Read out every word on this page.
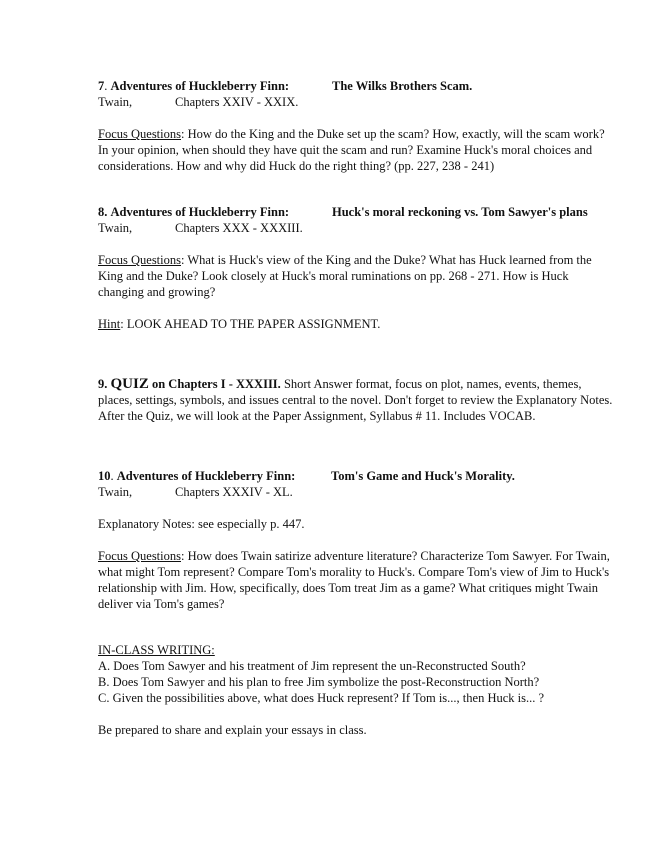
7. Adventures of Huckleberry Finn:	The Wilks Brothers Scam.
Twain,	Chapters XXIV - XXIX.

Focus Questions: How do the King and the Duke set up the scam? How, exactly, will the scam work? In your opinion, when should they have quit the scam and run? Examine Huck's moral choices and considerations. How and why did Huck do the right thing? (pp. 227, 238 - 241)

8. Adventures of Huckleberry Finn:	Huck's moral reckoning vs. Tom Sawyer's plans
Twain,	Chapters XXX - XXXIII.

Focus Questions: What is Huck's view of the King and the Duke? What has Huck learned from the King and the Duke? Look closely at Huck's moral ruminations on pp. 268 - 271. How is Huck changing and growing?

Hint: LOOK AHEAD TO THE PAPER ASSIGNMENT.

9. QUIZ on Chapters I - XXXIII. Short Answer format, focus on plot, names, events, themes, places, settings, symbols, and issues central to the novel. Don't forget to review the Explanatory Notes. After the Quiz, we will look at the Paper Assignment, Syllabus # 11. Includes VOCAB.

10. Adventures of Huckleberry Finn:	Tom's Game and Huck's Morality.
Twain,	Chapters XXXIV - XL.

Explanatory Notes: see especially p. 447.

Focus Questions: How does Twain satirize adventure literature? Characterize Tom Sawyer. For Twain, what might Tom represent? Compare Tom's morality to Huck's. Compare Tom's view of Jim to Huck's relationship with Jim. How, specifically, does Tom treat Jim as a game? What critiques might Twain deliver via Tom's games?

IN-CLASS WRITING:

A. Does Tom Sawyer and his treatment of Jim represent the un-Reconstructed South?

B. Does Tom Sawyer and his plan to free Jim symbolize the post-Reconstruction North?

C. Given the possibilities above, what does Huck represent? If Tom is..., then Huck is... ?

Be prepared to share and explain your essays in class.
